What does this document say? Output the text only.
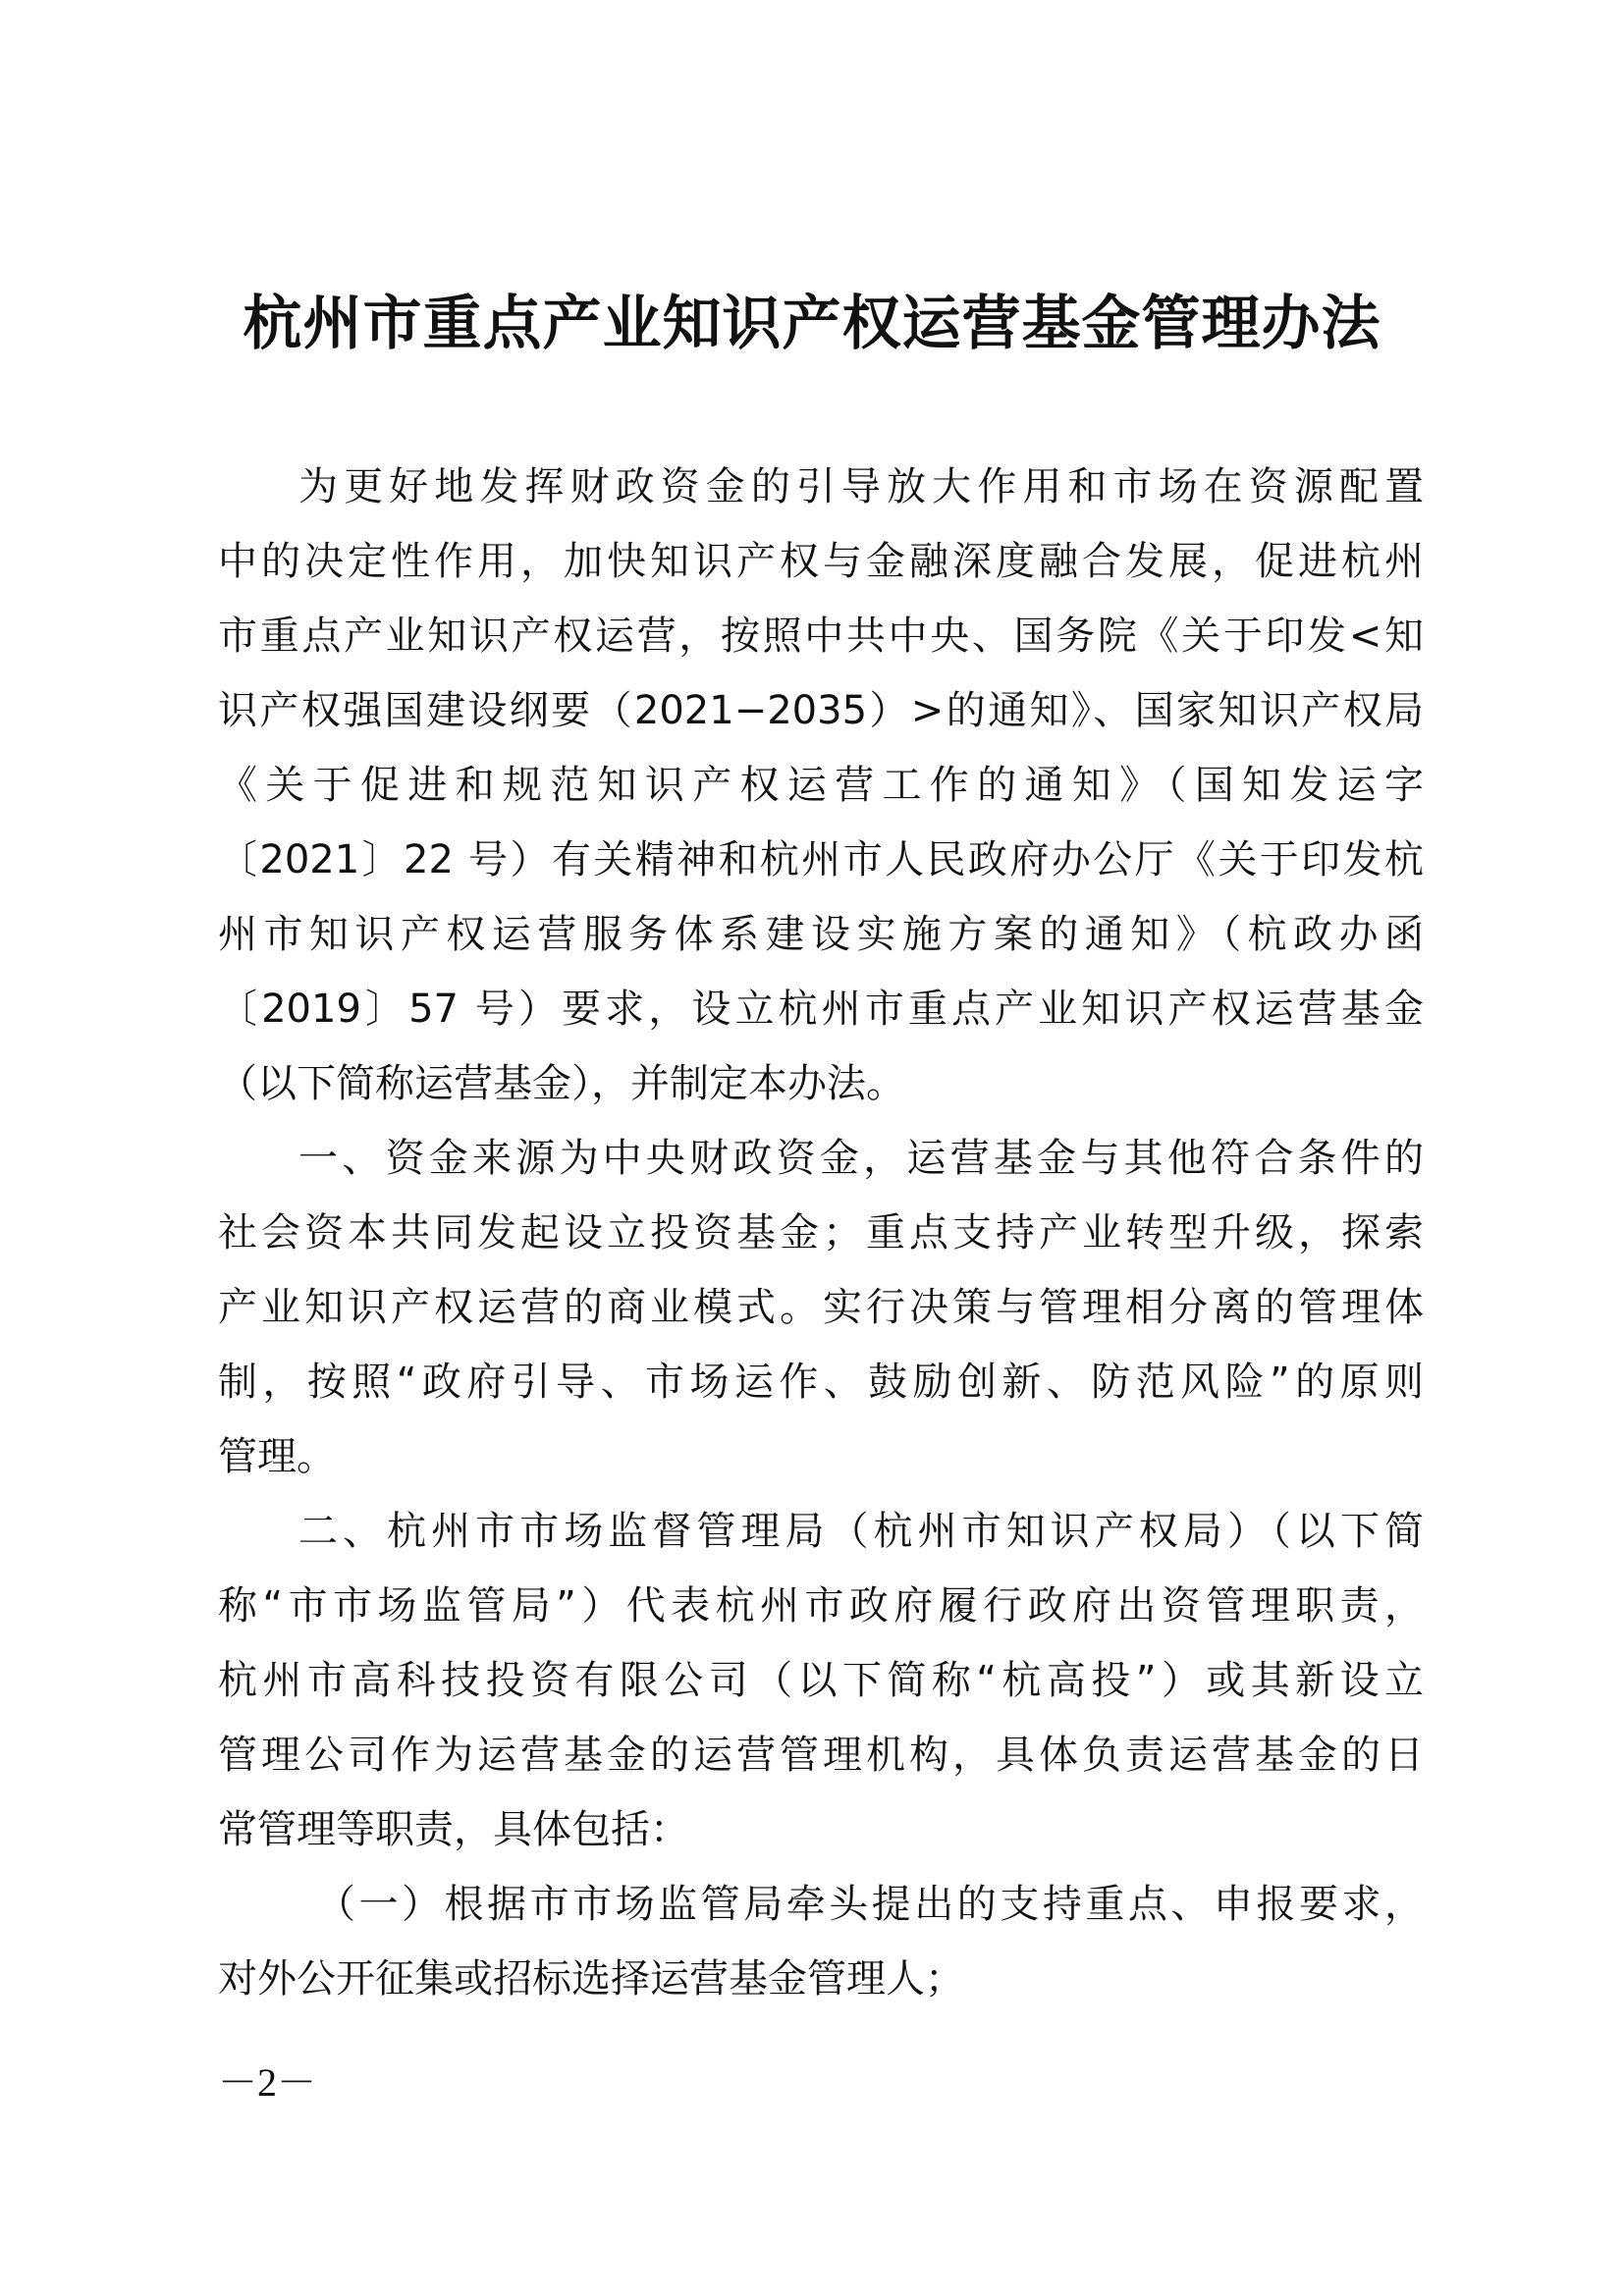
杭州市重点产业知识产权运营基金管理办法
为更好地发挥财政资金的引导放大作用和市场在资源配置
中的决定性作用，加快知识产权与金融深度融合发展，促进杭州
市重点产业知识产权运营，按照中共中央、国务院《关于印发<知
识产权强国建设纲要（2021−2035）>的通知》、国家知识产权局
《关于促进和规范知识产权运营工作的通知》（国知发运字
〔2021〕22 号）有关精神和杭州市人民政府办公厅《关于印发杭
州市知识产权运营服务体系建设实施方案的通知》（杭政办函
〔2019〕57 号）要求，设立杭州市重点产业知识产权运营基金
（以下简称运营基金），并制定本办法。
一、资金来源为中央财政资金，运营基金与其他符合条件的
社会资本共同发起设立投资基金；重点支持产业转型升级，探索
产业知识产权运营的商业模式。实行决策与管理相分离的管理体
制，按照“政府引导、市场运作、鼓励创新、防范风险”的原则
管理。
二、杭州市市场监督管理局（杭州市知识产权局）（以下简
称“市市场监管局”）代表杭州市政府履行政府出资管理职责，
杭州市高科技投资有限公司（以下简称“杭高投”）或其新设立
管理公司作为运营基金的运营管理机构，具体负责运营基金的日
常管理等职责，具体包括：
（一）根据市市场监管局牵头提出的支持重点、申报要求，
对外公开征集或招标选择运营基金管理人；
－2－
